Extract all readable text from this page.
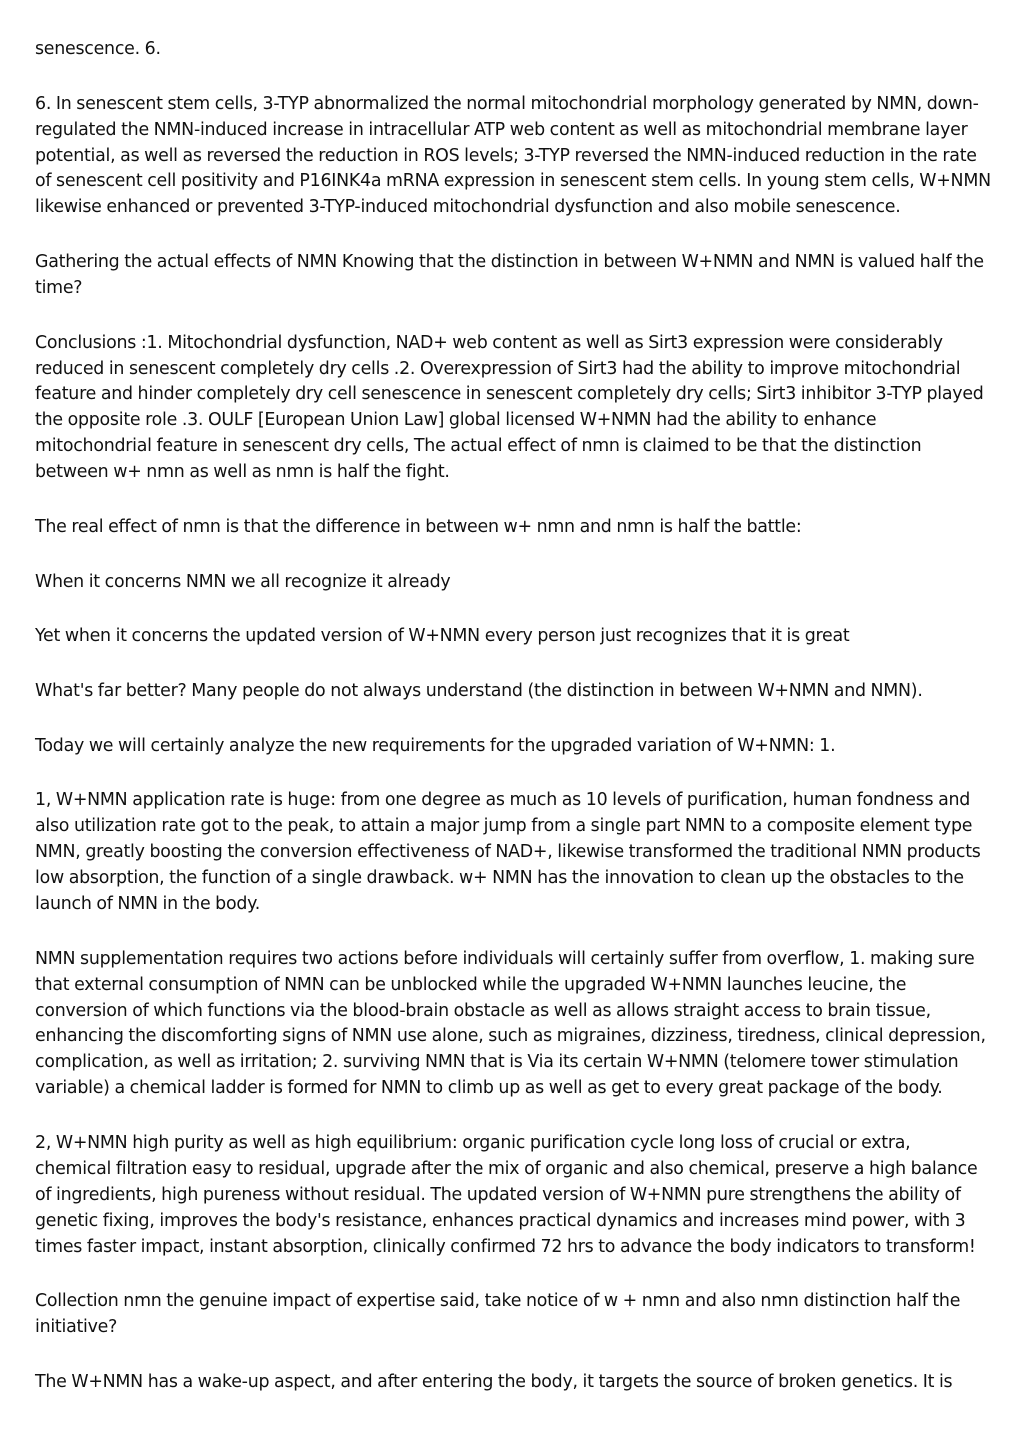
senescence. 6.

6. In senescent stem cells, 3-TYP abnormalized the normal mitochondrial morphology generated by NMN, down-regulated the NMN-induced increase in intracellular ATP web content as well as mitochondrial membrane layer potential, as well as reversed the reduction in ROS levels; 3-TYP reversed the NMN-induced reduction in the rate of senescent cell positivity and P16INK4a mRNA expression in senescent stem cells. In young stem cells, W+NMN likewise enhanced or prevented 3-TYP-induced mitochondrial dysfunction and also mobile senescence.

Gathering the actual effects of NMN Knowing that the distinction in between W+NMN and NMN is valued half the time?

Conclusions :1. Mitochondrial dysfunction, NAD+ web content as well as Sirt3 expression were considerably reduced in senescent completely dry cells .2. Overexpression of Sirt3 had the ability to improve mitochondrial feature and hinder completely dry cell senescence in senescent completely dry cells; Sirt3 inhibitor 3-TYP played the opposite role .3. OULF [European Union Law] global licensed W+NMN had the ability to enhance mitochondrial feature in senescent dry cells, The actual effect of nmn is claimed to be that the distinction between w+ nmn as well as nmn is half the fight.

The real effect of nmn is that the difference in between w+ nmn and nmn is half the battle:

When it concerns NMN we all recognize it already

Yet when it concerns the updated version of W+NMN every person just recognizes that it is great

What's far better? Many people do not always understand (the distinction in between W+NMN and NMN).

Today we will certainly analyze the new requirements for the upgraded variation of W+NMN: 1.

1, W+NMN application rate is huge: from one degree as much as 10 levels of purification, human fondness and also utilization rate got to the peak, to attain a major jump from a single part NMN to a composite element type NMN, greatly boosting the conversion effectiveness of NAD+, likewise transformed the traditional NMN products low absorption, the function of a single drawback. w+ NMN has the innovation to clean up the obstacles to the launch of NMN in the body.

NMN supplementation requires two actions before individuals will certainly suffer from overflow, 1. making sure that external consumption of NMN can be unblocked while the upgraded W+NMN launches leucine, the conversion of which functions via the blood-brain obstacle as well as allows straight access to brain tissue, enhancing the discomforting signs of NMN use alone, such as migraines, dizziness, tiredness, clinical depression, complication, as well as irritation; 2. surviving NMN that is Via its certain W+NMN (telomere tower stimulation variable) a chemical ladder is formed for NMN to climb up as well as get to every great package of the body.

2, W+NMN high purity as well as high equilibrium: organic purification cycle long loss of crucial or extra, chemical filtration easy to residual, upgrade after the mix of organic and also chemical, preserve a high balance of ingredients, high pureness without residual. The updated version of W+NMN pure strengthens the ability of genetic fixing, improves the body's resistance, enhances practical dynamics and increases mind power, with 3 times faster impact, instant absorption, clinically confirmed 72 hrs to advance the body indicators to transform!

Collection nmn the genuine impact of expertise said, take notice of w + nmn and also nmn distinction half the initiative?

The W+NMN has a wake-up aspect, and after entering the body, it targets the source of broken genetics. It is
